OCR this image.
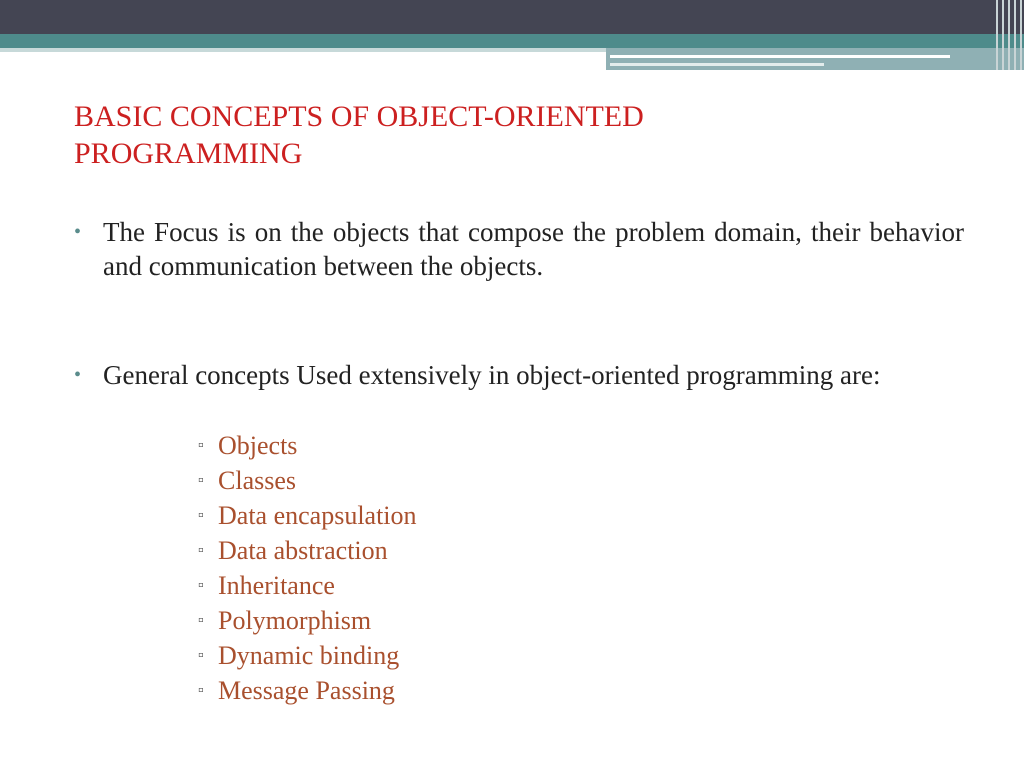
BASIC CONCEPTS OF OBJECT-ORIENTED PROGRAMMING
• The Focus is on the objects that compose the problem domain, their behavior and communication between the objects.
• General concepts Used extensively in object-oriented programming are:
▫ Objects
▫ Classes
▫ Data encapsulation
▫ Data abstraction
▫ Inheritance
▫ Polymorphism
▫ Dynamic binding
▫ Message Passing
